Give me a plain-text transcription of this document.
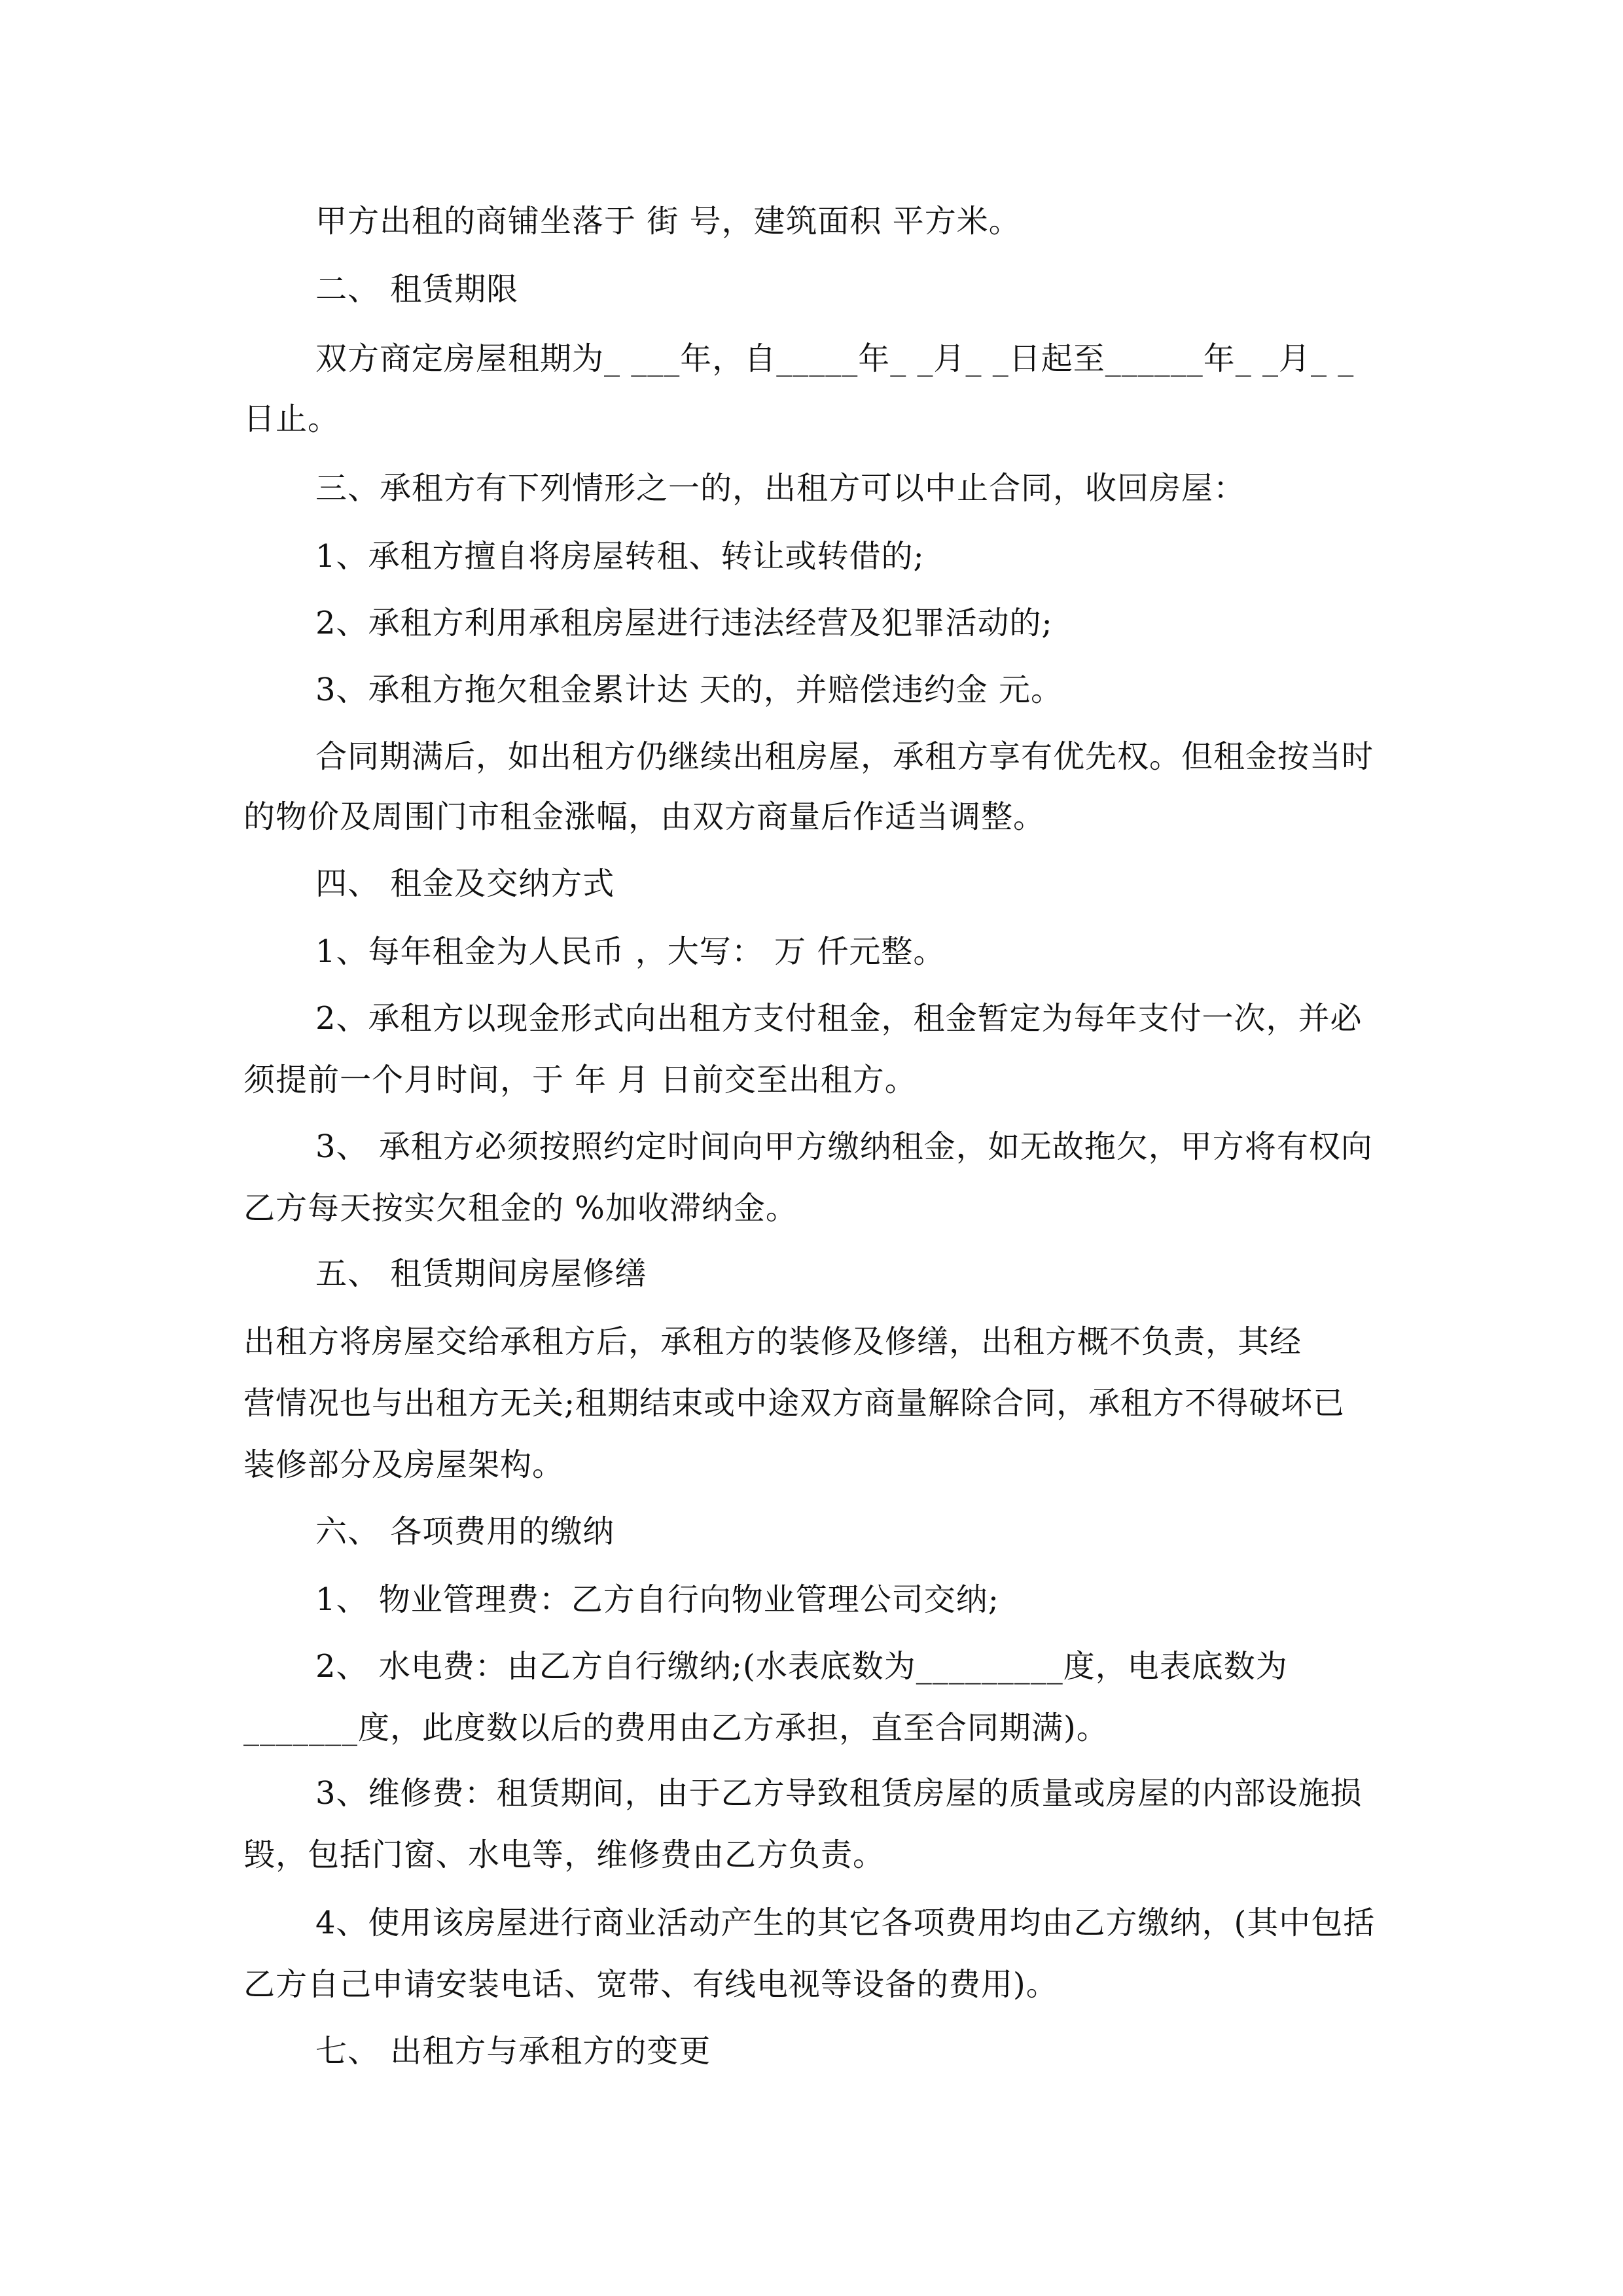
甲方出租的商铺坐落于 街 号，建筑面积 平方米。
二、 租赁期限
双方商定房屋租期为_ ___年，自_____年_ _月_ _日起至______年_ _月_ _
日止。
三、承租方有下列情形之一的，出租方可以中止合同，收回房屋：
1、承租方擅自将房屋转租、转让或转借的;
2、承租方利用承租房屋进行违法经营及犯罪活动的;
3、承租方拖欠租金累计达 天的，并赔偿违约金 元。
合同期满后，如出租方仍继续出租房屋，承租方享有优先权。但租金按当时
的物价及周围门市租金涨幅，由双方商量后作适当调整。
四、 租金及交纳方式
1、每年租金为人民币 ，大写： 万 仟元整。
2、承租方以现金形式向出租方支付租金，租金暂定为每年支付一次，并必
须提前一个月时间，于 年 月 日前交至出租方。
3、 承租方必须按照约定时间向甲方缴纳租金，如无故拖欠，甲方将有权向
乙方每天按实欠租金的 %加收滞纳金。
五、 租赁期间房屋修缮
出租方将房屋交给承租方后，承租方的装修及修缮，出租方概不负责，其经
营情况也与出租方无关;租期结束或中途双方商量解除合同，承租方不得破坏已
装修部分及房屋架构。
六、 各项费用的缴纳
1、 物业管理费：乙方自行向物业管理公司交纳;
2、 水电费：由乙方自行缴纳;(水表底数为_________度，电表底数为
_______度，此度数以后的费用由乙方承担，直至合同期满)。
3、维修费：租赁期间，由于乙方导致租赁房屋的质量或房屋的内部设施损
毁，包括门窗、水电等，维修费由乙方负责。
4、使用该房屋进行商业活动产生的其它各项费用均由乙方缴纳，(其中包括
乙方自己申请安装电话、宽带、有线电视等设备的费用)。
七、 出租方与承租方的变更
